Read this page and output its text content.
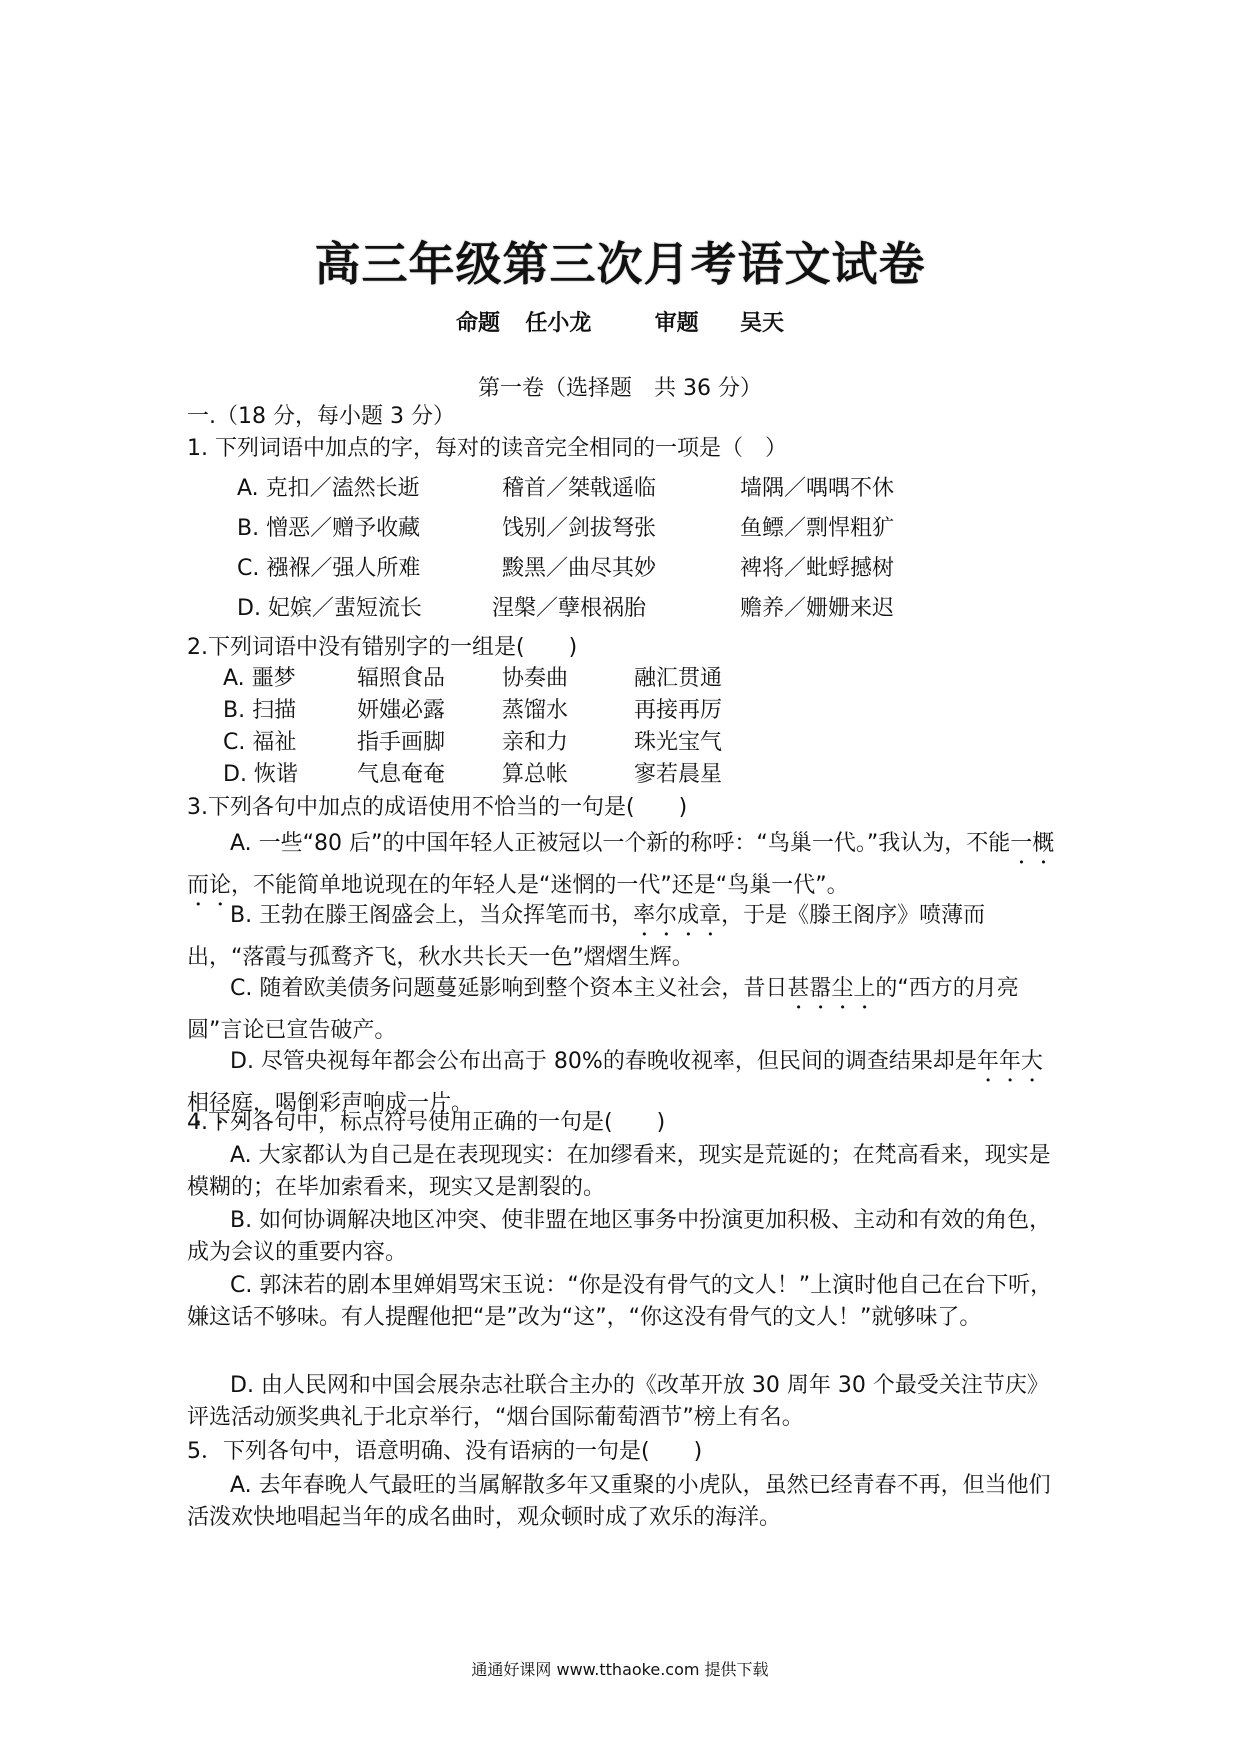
高三年级第三次月考语文试卷
命题 任小龙	审题 吴天
第一卷（选择题　共 36 分）
一.（18 分，每小题 3 分）
1. 下列词语中加点的字，每对的读音完全相同的一项是（　）
A. 克扣／溘然长逝	稽首／桀戟遥临	墙隅／喁喁不休
B. 憎恶／赠予收藏	饯别／剑拔弩张	鱼鳔／剽悍粗犷
C. 襁褓／强人所难	黢黑／曲尽其妙	裨将／蚍蜉撼树
D. 妃嫔／蜚短流长	涅槃／孽根祸胎	赡养／姗姗来迟
2.下列词语中没有错别字的一组是(　　)
A. 噩梦	辐照食品	协奏曲	融汇贯通
B. 扫描	妍媸必露	蒸馏水	再接再厉
C. 福祉	指手画脚	亲和力	珠光宝气
D. 恢谐	气息奄奄	算总帐	寥若晨星
3.下列各句中加点的成语使用不恰当的一句是(　　)
A. 一些“80 后”的中国年轻人正被冠以一个新的称呼：“鸟巢一代。”我认为，不能一概而论，不能简单地说现在的年轻人是“迷惘的一代”还是“鸟巢一代”。
B. 王勃在滕王阁盛会上，当众挥笔而书，率尔成章，于是《滕王阁序》喷薄而出，“落霞与孤鹜齐飞，秋水共长天一色”熠熠生辉。
C. 随着欧美债务问题蔓延影响到整个资本主义社会，昔日甚嚣尘上的“西方的月亮圆”言论已宣告破产。
D. 尽管央视每年都会公布出高于 80%的春晚收视率，但民间的调查结果却是年年大相径庭，喝倒彩声响成一片。
4.下列各句中，标点符号使用正确的一句是(　　)
A. 大家都认为自己是在表现现实：在加缪看来，现实是荒诞的；在梵高看来，现实是模糊的；在毕加索看来，现实又是割裂的。
B. 如何协调解决地区冲突、使非盟在地区事务中扮演更加积极、主动和有效的角色，成为会议的重要内容。
C. 郭沫若的剧本里婵娟骂宋玉说：“你是没有骨气的文人！”上演时他自己在台下听，嫌这话不够味。有人提醒他把“是”改为“这”，“你这没有骨气的文人！”就够味了。
D. 由人民网和中国会展杂志社联合主办的《改革开放 30 周年 30 个最受关注节庆》评选活动颁奖典礼于北京举行，“烟台国际葡萄酒节”榜上有名。
5．下列各句中，语意明确、没有语病的一句是(　　)
A. 去年春晚人气最旺的当属解散多年又重聚的小虎队，虽然已经青春不再，但当他们活泼欢快地唱起当年的成名曲时，观众顿时成了欢乐的海洋。
通通好课网 www.tthaoke.com 提供下载
